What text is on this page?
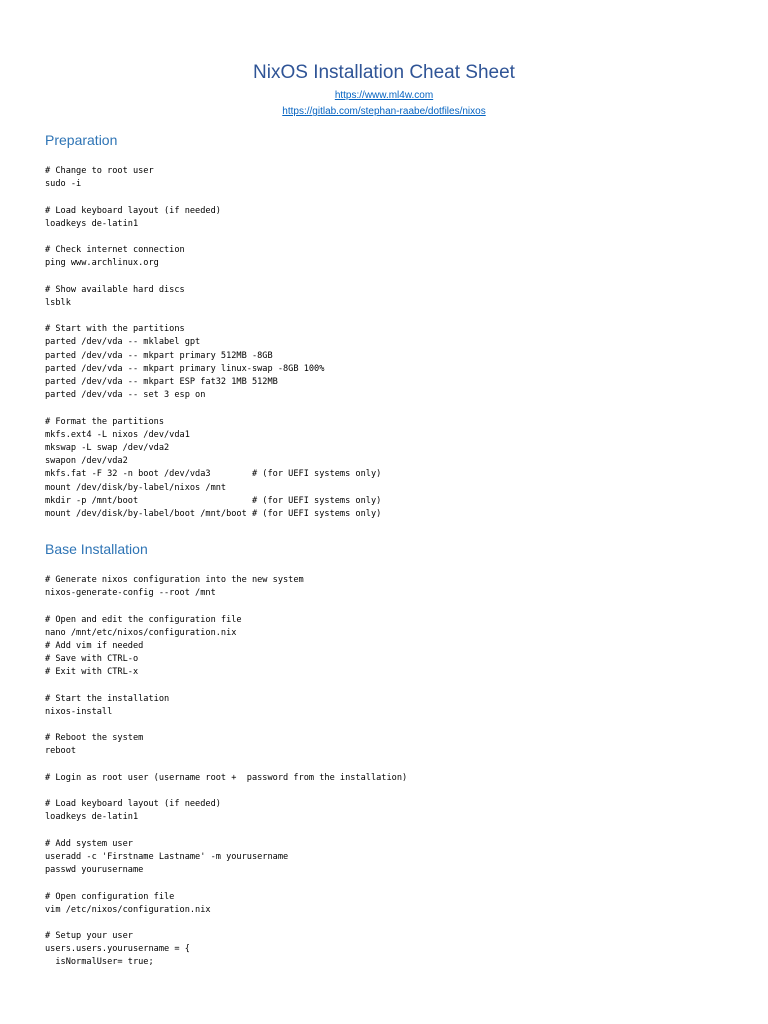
NixOS Installation Cheat Sheet
https://www.ml4w.com
https://gitlab.com/stephan-raabe/dotfiles/nixos
Preparation
# Change to root user
sudo -i
# Load keyboard layout (if needed)
loadkeys de-latin1
# Check internet connection
ping www.archlinux.org
# Show available hard discs
lsblk
# Start with the partitions
parted /dev/vda -- mklabel gpt
parted /dev/vda -- mkpart primary 512MB -8GB
parted /dev/vda -- mkpart primary linux-swap -8GB 100%
parted /dev/vda -- mkpart ESP fat32 1MB 512MB
parted /dev/vda -- set 3 esp on
# Format the partitions
mkfs.ext4 -L nixos /dev/vda1
mkswap -L swap /dev/vda2
swapon /dev/vda2
mkfs.fat -F 32 -n boot /dev/vda3        # (for UEFI systems only)
mount /dev/disk/by-label/nixos /mnt
mkdir -p /mnt/boot                      # (for UEFI systems only)
mount /dev/disk/by-label/boot /mnt/boot # (for UEFI systems only)
Base Installation
# Generate nixos configuration into the new system
nixos-generate-config --root /mnt
# Open and edit the configuration file
nano /mnt/etc/nixos/configuration.nix
# Add vim if needed
# Save with CTRL-o
# Exit with CTRL-x
# Start the installation
nixos-install
# Reboot the system
reboot
# Login as root user (username root +  password from the installation)
# Load keyboard layout (if needed)
loadkeys de-latin1
# Add system user
useradd -c 'Firstname Lastname' -m yourusername
passwd yourusername
# Open configuration file
vim /etc/nixos/configuration.nix
# Setup your user
users.users.yourusername = {
isNormalUser= true;
